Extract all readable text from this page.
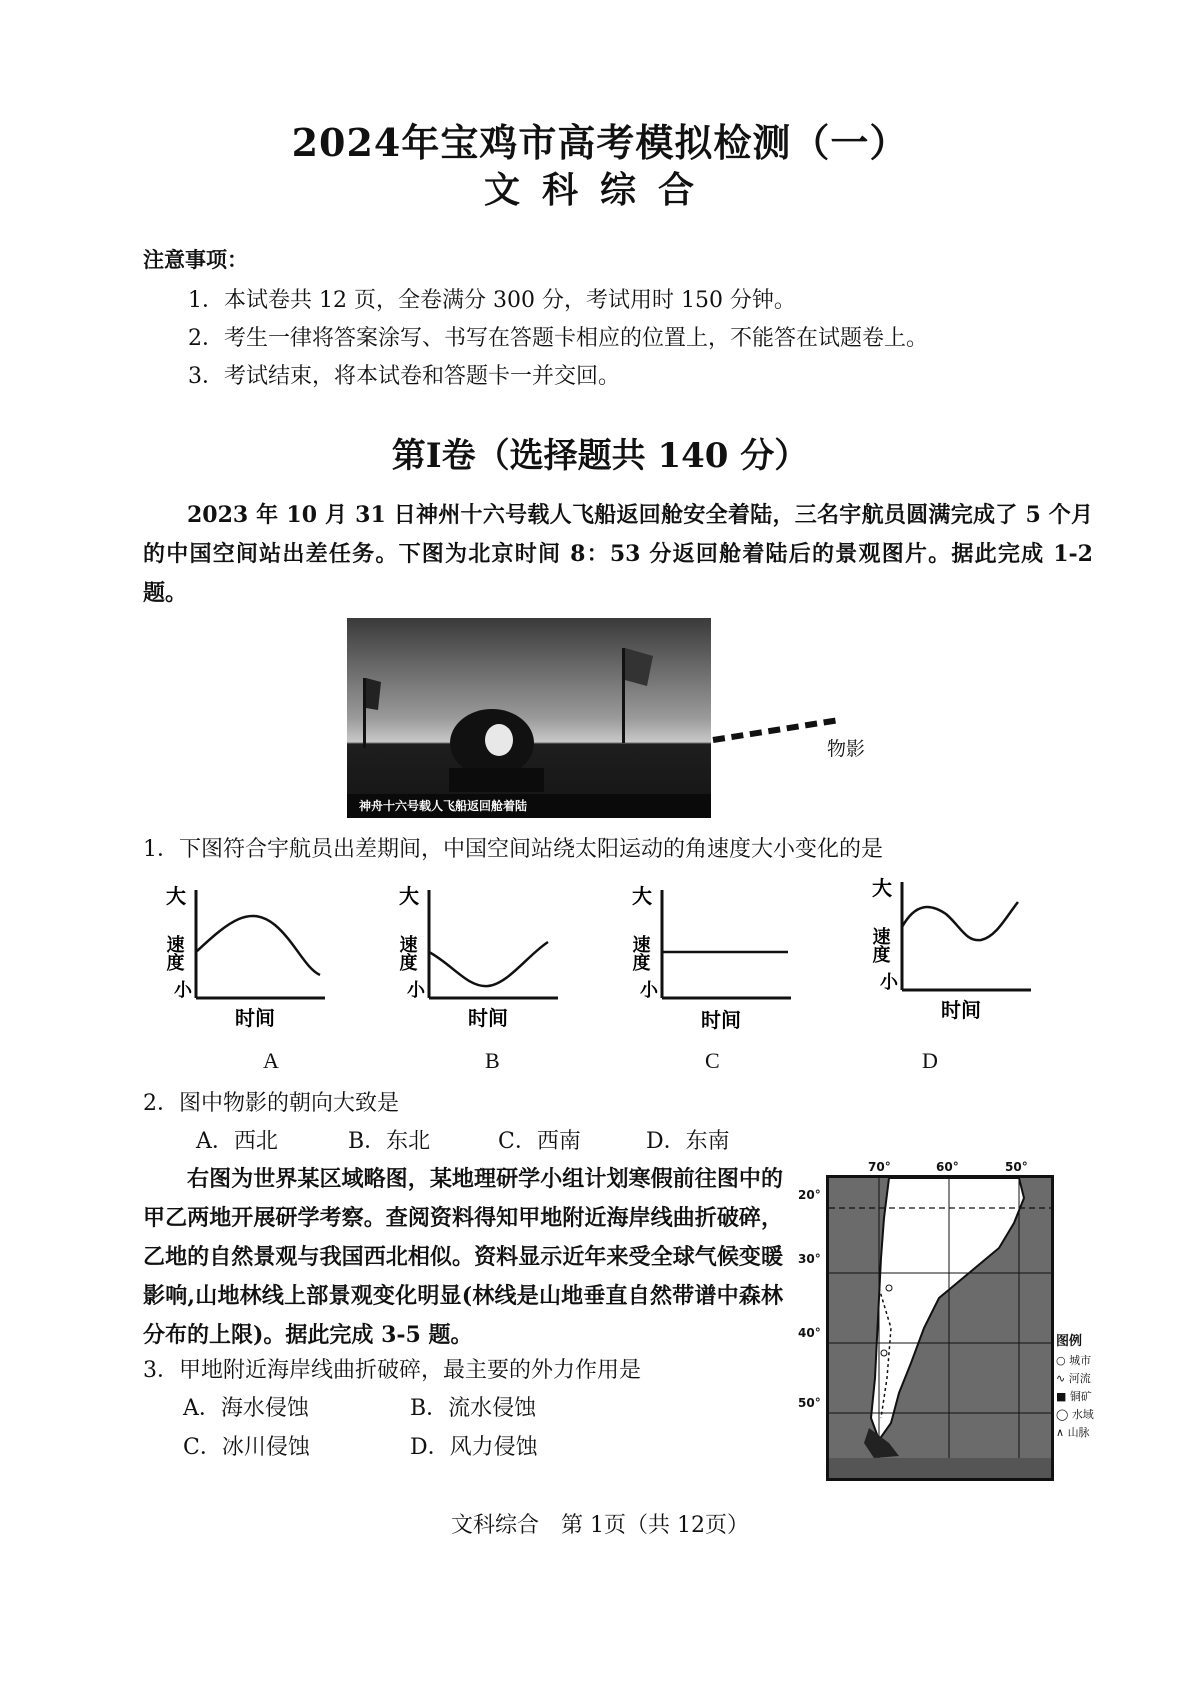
2024年宝鸡市高考模拟检测（一）
文科综合
注意事项：
1．本试卷共 12 页，全卷满分 300 分，考试用时 150 分钟。
2．考生一律将答案涂写、书写在答题卡相应的位置上，不能答在试题卷上。
3．考试结束，将本试卷和答题卡一并交回。
第Ⅰ卷（选择题共 140 分）
2023 年 10 月 31 日神州十六号载人飞船返回舱安全着陆，三名宇航员圆满完成了 5 个月的中国空间站出差任务。下图为北京时间 8：53 分返回舱着陆后的景观图片。据此完成 1-2 题。
神舟十六号载人飞船返回舱着陆
物影
1．下图符合宇航员出差期间，中国空间站绕太阳运动的角速度大小变化的是
大
小
速度
时间
A
大
小
速度
时间
B
大
小
速度
时间
C
大
小
速度
时间
D
2．图中物影的朝向大致是
A．西北	B．东北	C．西南	D．东南
右图为世界某区域略图，某地理研学小组计划寒假前往图中的甲乙两地开展研学考察。查阅资料得知甲地附近海岸线曲折破碎，乙地的自然景观与我国西北相似。资料显示近年来受全球气候变暖影响,山地林线上部景观变化明显(林线是山地垂直自然带谱中森林分布的上限)。据此完成 3-5 题。
3．甲地附近海岸线曲折破碎，最主要的外力作用是
A．海水侵蚀	B．流水侵蚀
C．冰川侵蚀	D．风力侵蚀
70°	60°	50°
20°
30°
40°
50°
图例
○ 城市
∿ 河流
■ 铜矿
◯ 水域
∧ 山脉
文科综合　第 1页（共 12页）
